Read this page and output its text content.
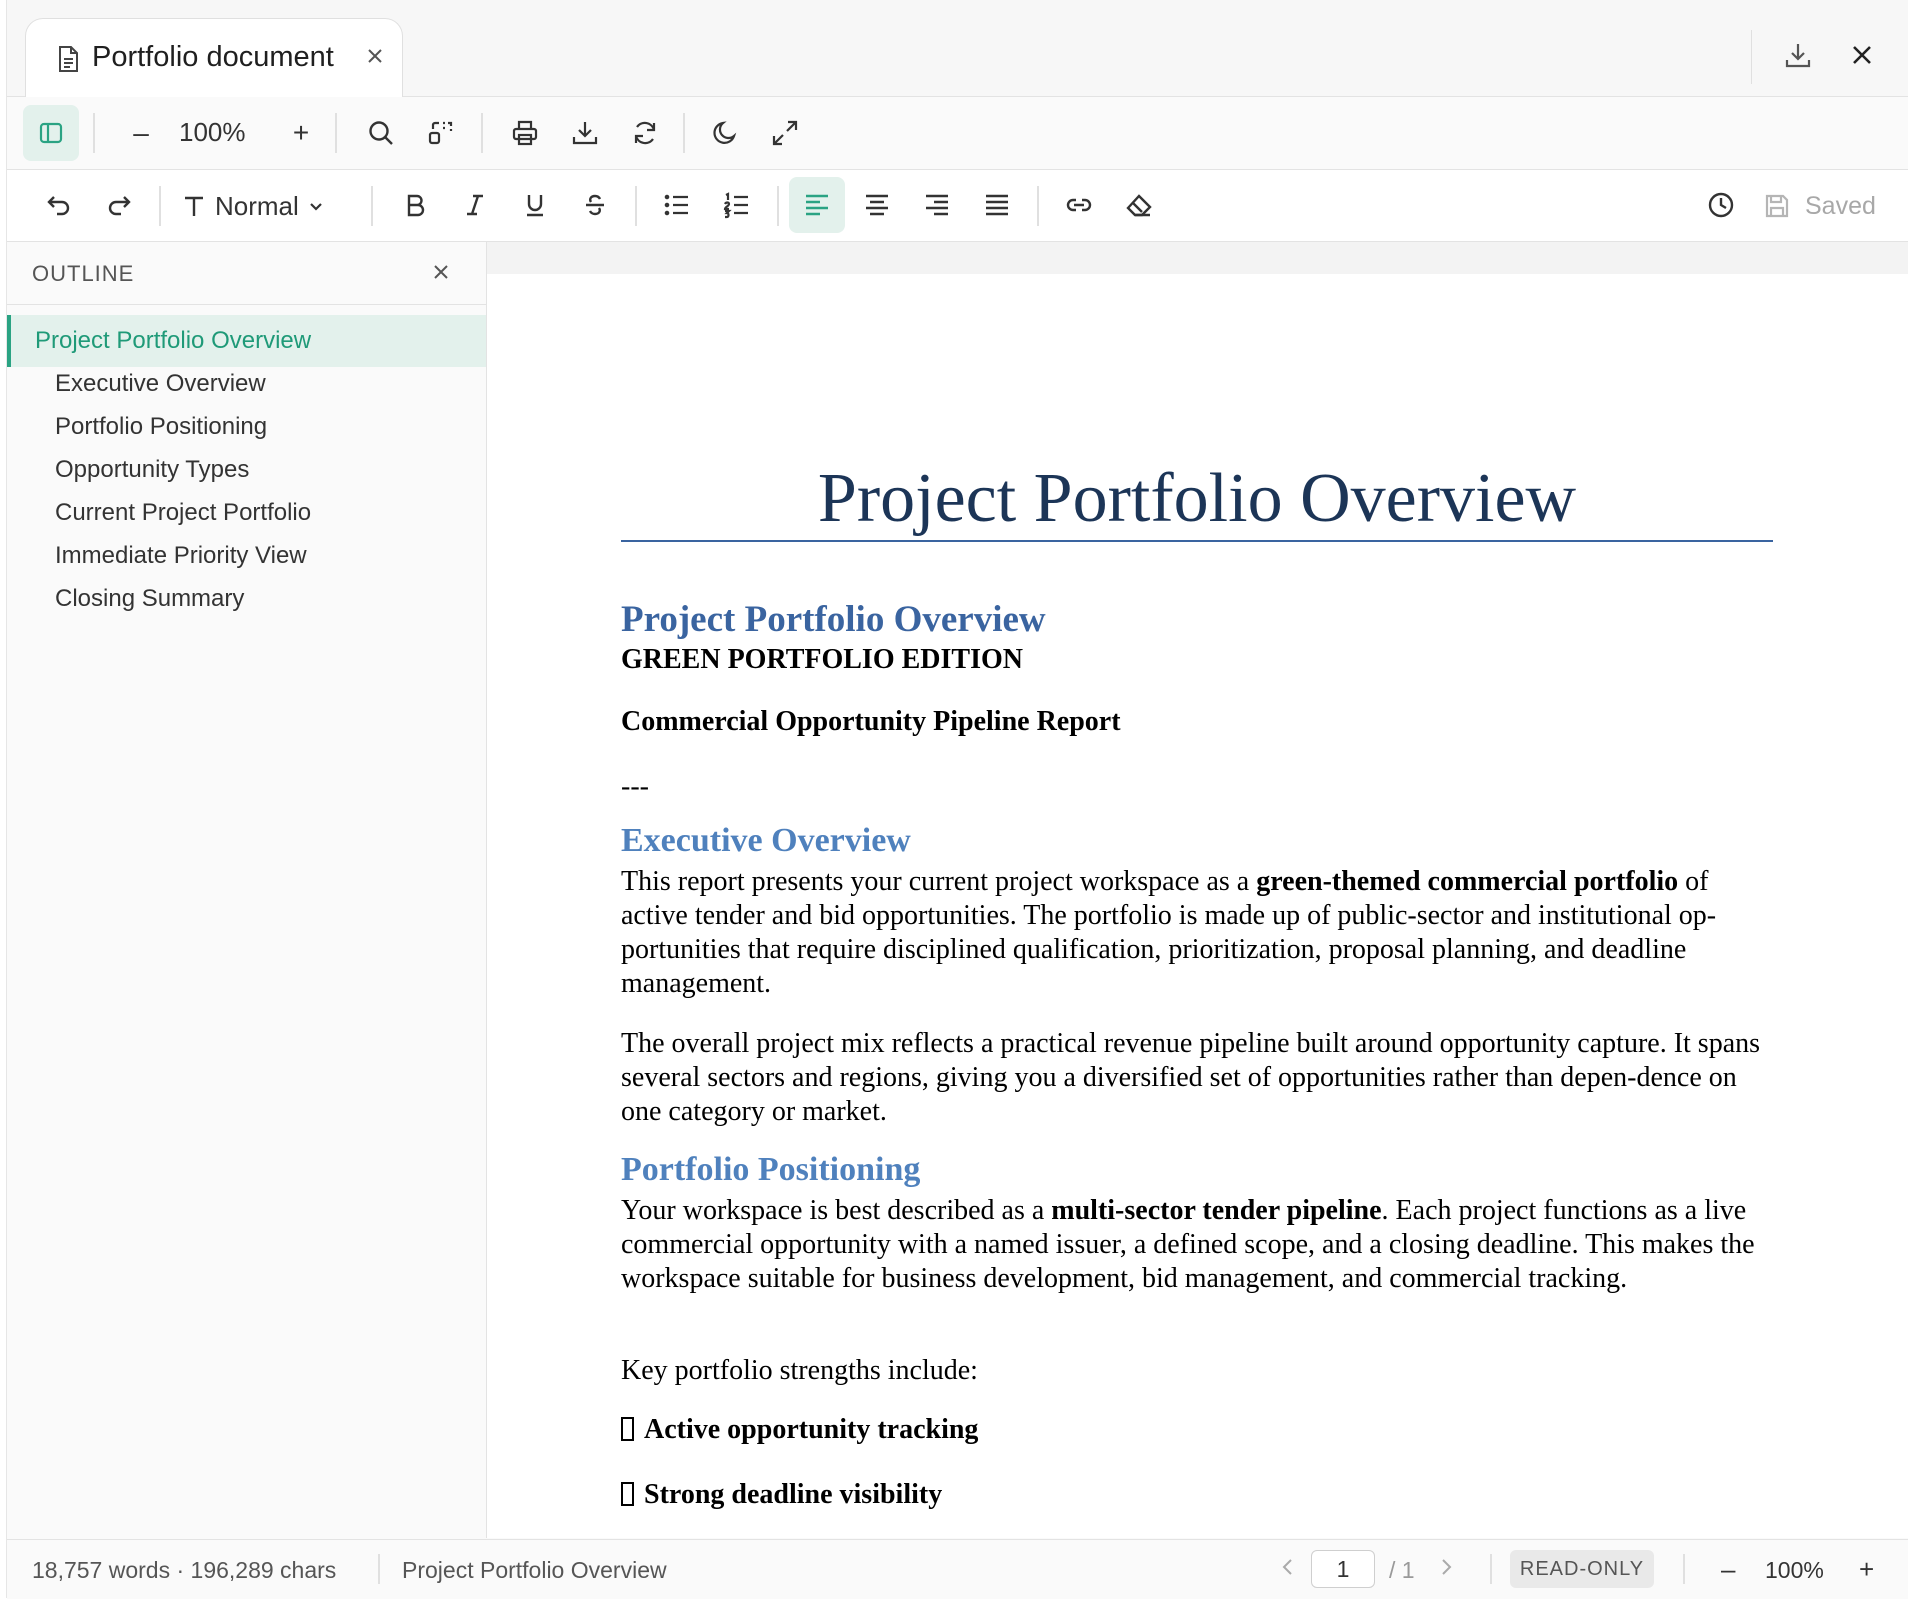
Portfolio document
–	100%	+
Normal	Saved
OUTLINE
Project Portfolio Overview
Executive Overview
Portfolio Positioning
Opportunity Types
Current Project Portfolio
Immediate Priority View
Closing Summary
Project Portfolio Overview
Project Portfolio Overview
GREEN PORTFOLIO EDITION
Commercial Opportunity Pipeline Report
---
Executive Overview
This report presents your current project workspace as a green-themed commercial portfolio of active tender and bid opportunities. The portfolio is made up of public-sector and institutional op-portunities that require disciplined qualification, prioritization, proposal planning, and deadline management.
The overall project mix reflects a practical revenue pipeline built around opportunity capture. It spans several sectors and regions, giving you a diversified set of opportunities rather than depen-dence on one category or market.
Portfolio Positioning
Your workspace is best described as a multi-sector tender pipeline. Each project functions as a live commercial opportunity with a named issuer, a defined scope, and a closing deadline. This makes the workspace suitable for business development, bid management, and commercial tracking.
Key portfolio strengths include:
Active opportunity tracking
Strong deadline visibility
18,757 words · 196,289 chars	Project Portfolio Overview	1	/ 1	READ-ONLY	– 100% +
